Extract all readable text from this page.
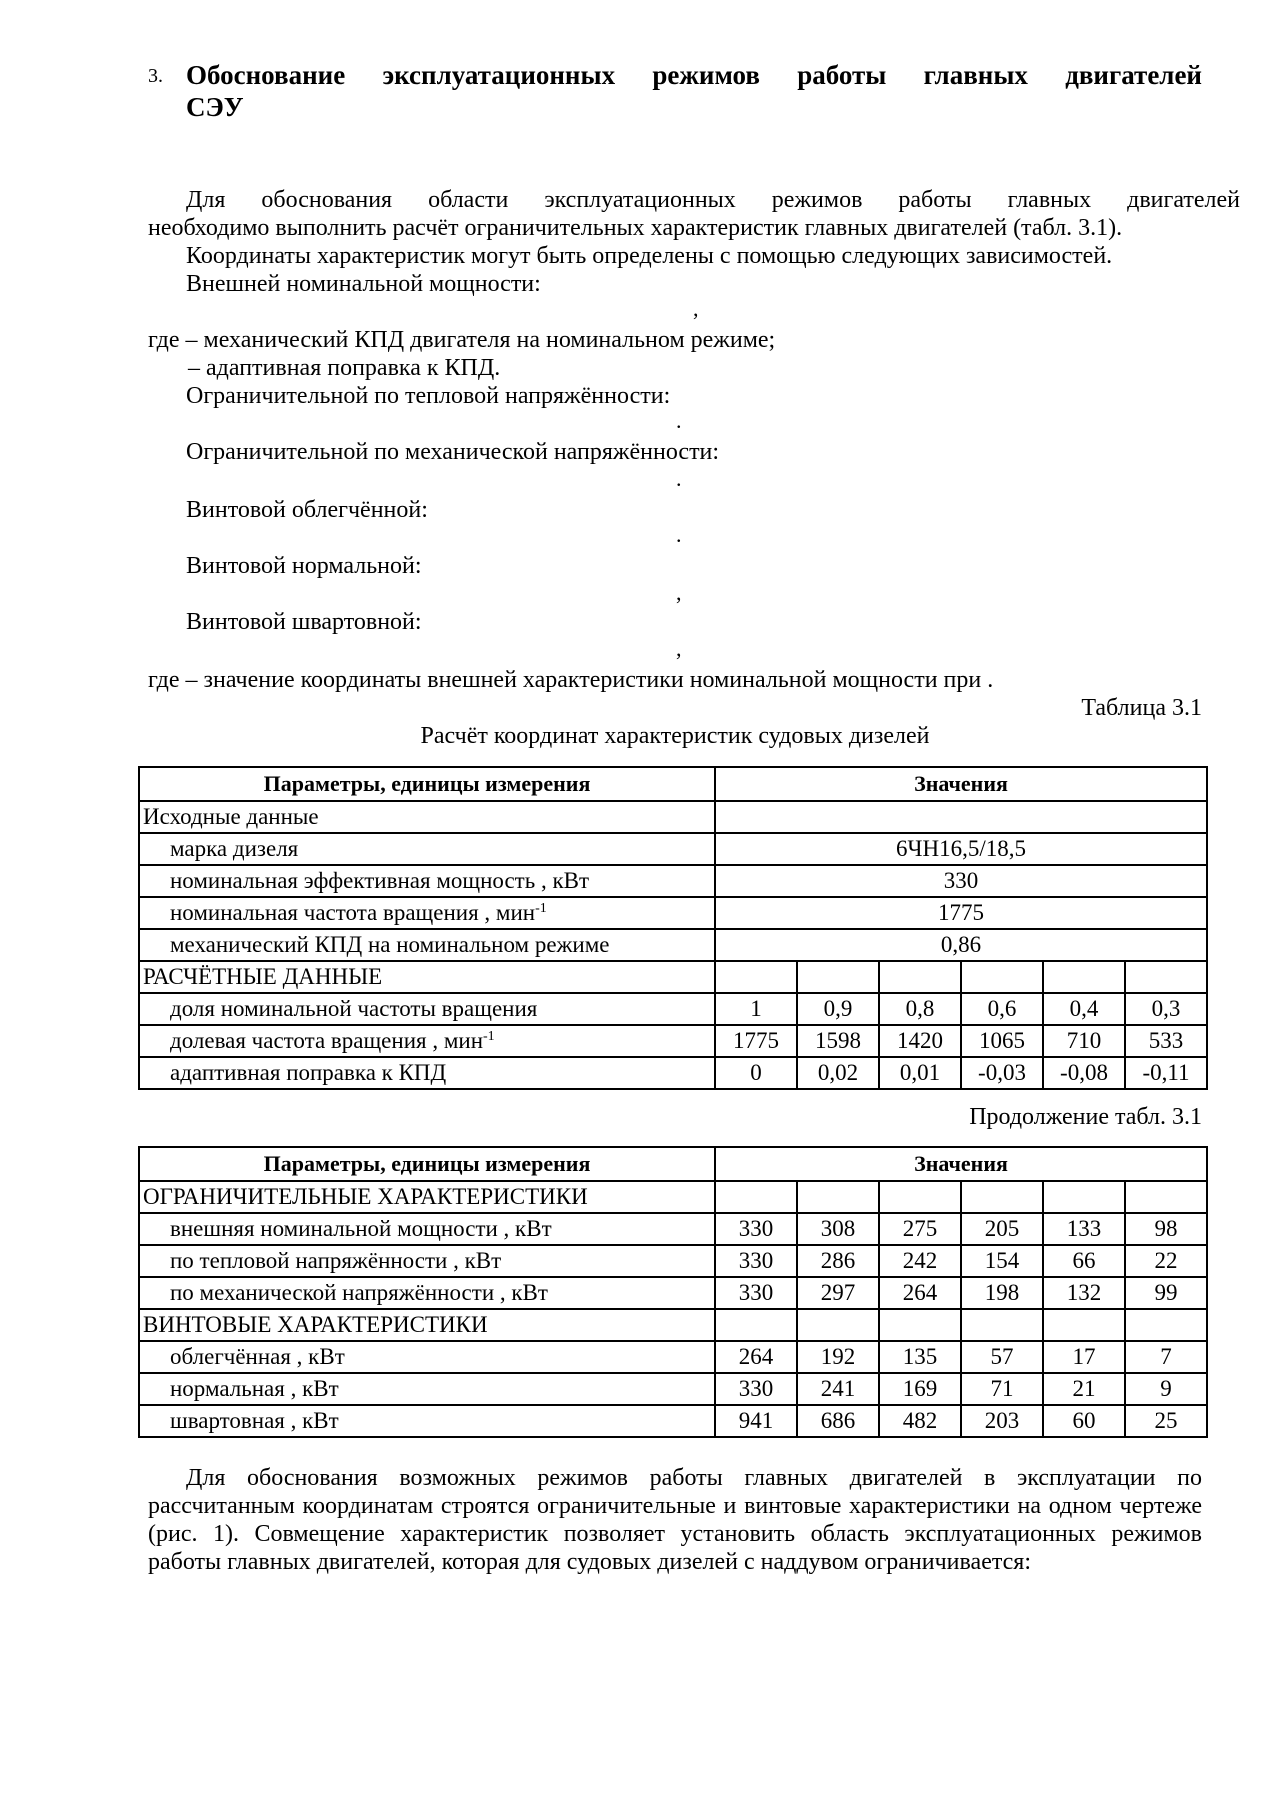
3. Обоснование эксплуатационных режимов работы главных двигателей
СЭУ
Для обоснования области эксплуатационных режимов работы главных двигателей
необходимо выполнить расчёт ограничительных характеристик главных двигателей (табл. 3.1).
Координаты характеристик могут быть определены с помощью следующих зависимостей.
Внешней номинальной мощности:
,
где – механический КПД двигателя на номинальном режиме;
– адаптивная поправка к КПД.
Ограничительной по тепловой напряжённости:
.
Ограничительной по механической напряжённости:
.
Винтовой облегчённой:
.
Винтовой нормальной:
,
Винтовой швартовной:
,
где – значение координаты внешней характеристики номинальной мощности при .
Таблица 3.1
Расчёт координат характеристик судовых дизелей
Параметры, единицы измерения	Значения					
Исходные данные						
марка дизеля	6ЧН16,5/18,5					
номинальная эффективная мощность , кВт	330					
номинальная частота вращения , мин$^{-1}$	1775					
механический КПД на номинальном режиме	0,86					
РАСЧЁТНЫЕ ДАННЫЕ						
доля номинальной частоты вращения	1	0,9	0,8	0,6	0,4	0,3
долевая частота вращения , мин$^{-1}$	1775	1598	1420	1065	710	533
адаптивная поправка к КПД	0	0,02	0,01	-0,03	-0,08	-0,11
Продолжение табл. 3.1
Параметры, единицы измерения	Значения					
ОГРАНИЧИТЕЛЬНЫЕ ХАРАКТЕРИСТИКИ						
внешняя номинальной мощности , кВт	330	308	275	205	133	98
по тепловой напряжённости , кВт	330	286	242	154	66	22
по механической напряжённости , кВт	330	297	264	198	132	99
ВИНТОВЫЕ ХАРАКТЕРИСТИКИ						
облегчённая , кВт	264	192	135	57	17	7
нормальная , кВт	330	241	169	71	21	9
швартовная , кВт	941	686	482	203	60	25
Для обоснования возможных режимов работы главных двигателей в эксплуатации по рассчитанным координатам строятся ограничительные и винтовые характеристики на одном чертеже (рис. 1). Совмещение характеристик позволяет установить область эксплуатационных режимов работы главных двигателей, которая для судовых дизелей с наддувом ограничивается:
